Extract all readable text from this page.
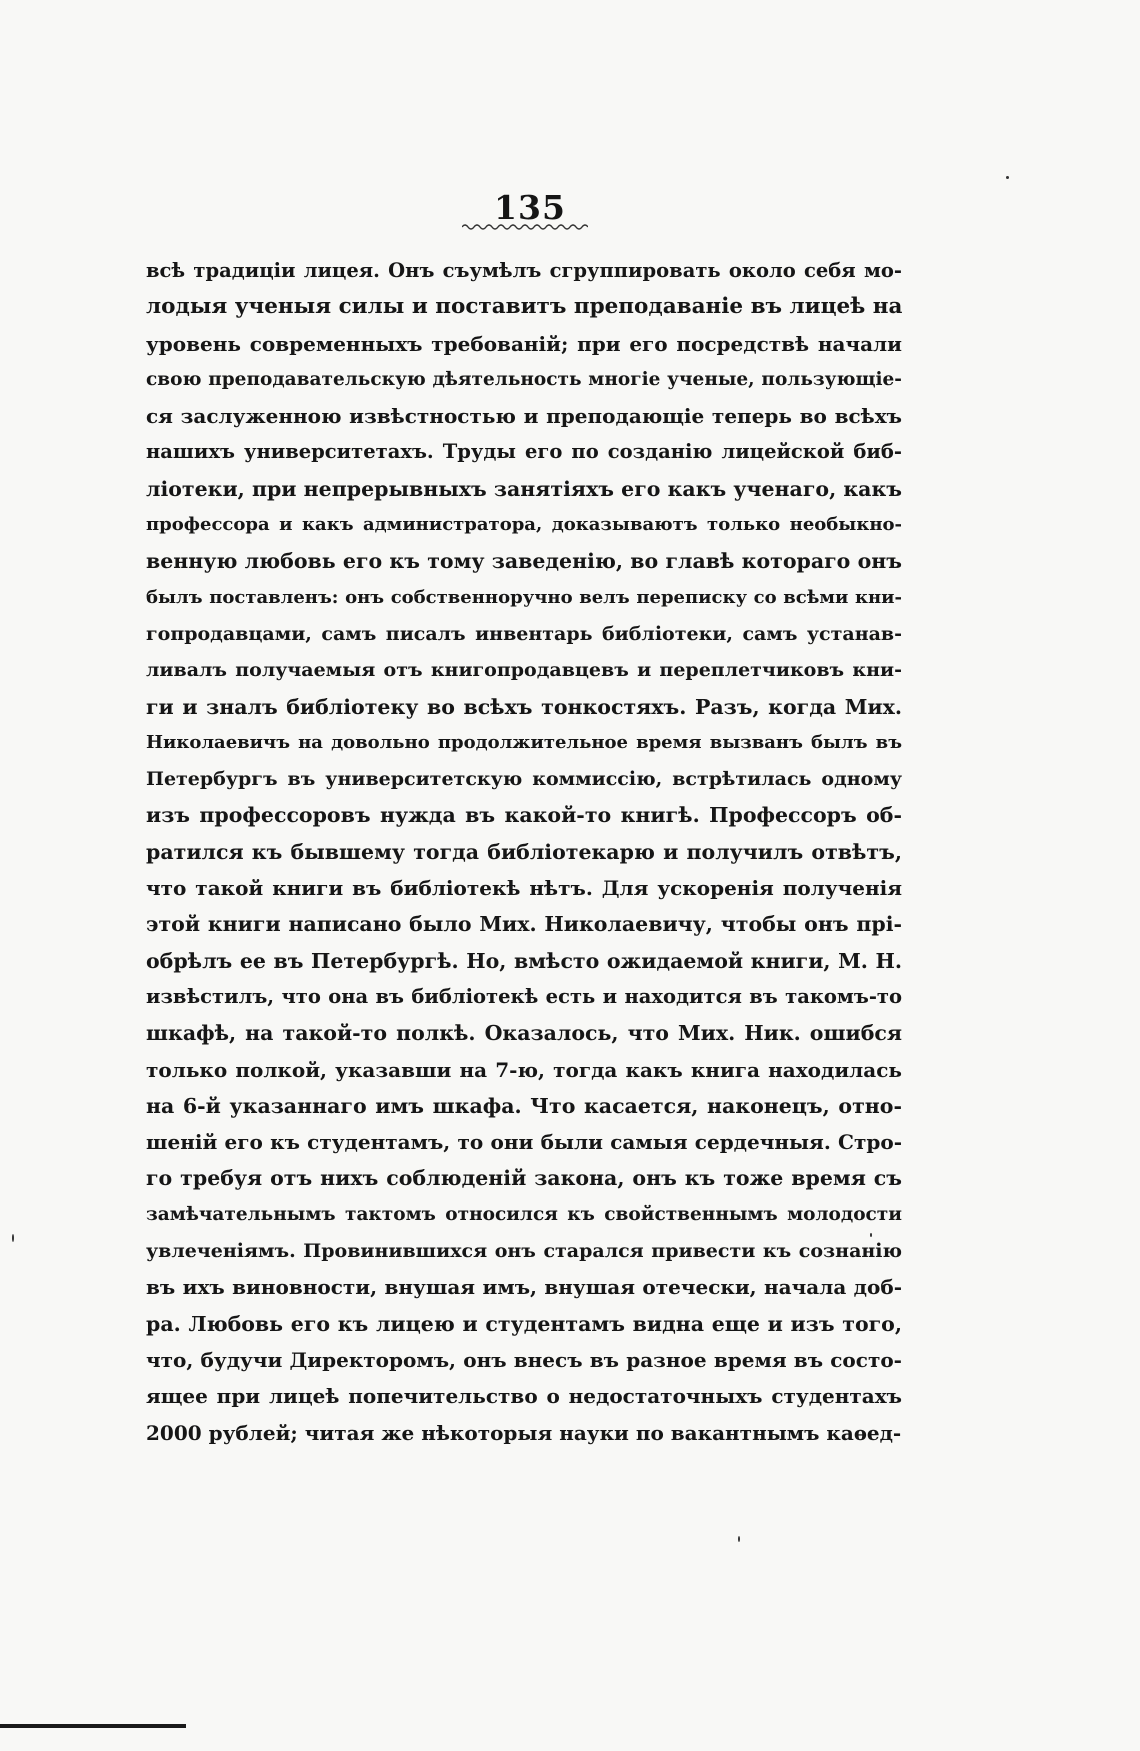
135
всѣ традиціи лицея. Онъ съумѣлъ сгруппировать около себя мо-
лодыя ученыя силы и поставитъ преподаваніе въ лицеѣ на
уровень современныхъ требованій; при его посредствѣ начали
свою преподавательскую дѣятельность многіе ученые, пользующіе-
ся заслуженною извѣстностью и преподающіе теперь во всѣхъ
нашихъ университетахъ. Труды его по созданію лицейской биб-
ліотеки, при непрерывныхъ занятіяхъ его какъ ученаго, какъ
профессора и какъ администратора, доказываютъ только необыкно-
венную любовь его къ тому заведенію, во главѣ котораго онъ
былъ поставленъ: онъ собственноручно велъ переписку со всѣми кни-
гопродавцами, самъ писалъ инвентарь библіотеки, самъ устанав-
ливалъ получаемыя отъ книгопродавцевъ и переплетчиковъ кни-
ги и зналъ библіотеку во всѣхъ тонкостяхъ. Разъ, когда Мих.
Николаевичъ на довольно продолжительное время вызванъ былъ въ
Петербургъ въ университетскую коммиссію, встрѣтилась одному
изъ профессоровъ нужда въ какой-то книгѣ. Профессоръ об-
ратился къ бывшему тогда библіотекарю и получилъ отвѣтъ,
что такой книги въ библіотекѣ нѣтъ. Для ускоренія полученія
этой книги написано было Мих. Николаевичу, чтобы онъ прі-
обрѣлъ ее въ Петербургѣ. Но, вмѣсто ожидаемой книги, М. Н.
извѣстилъ, что она въ библіотекѣ есть и находится въ такомъ-то
шкафѣ, на такой-то полкѣ. Оказалось, что Мих. Ник. ошибся
только полкой, указавши на 7-ю, тогда какъ книга находилась
на 6-й указаннаго имъ шкафа. Что касается, наконецъ, отно-
шеній его къ студентамъ, то они были самыя сердечныя. Стро-
го требуя отъ нихъ соблюденій закона, онъ къ тоже время съ
замѣчательнымъ тактомъ относился къ свойственнымъ молодости
увлеченіямъ. Провинившихся онъ старался привести къ сознанію
въ ихъ виновности, внушая имъ, внушая отечески, начала доб-
ра. Любовь его къ лицею и студентамъ видна еще и изъ того,
что, будучи Директоромъ, онъ внесъ въ разное время въ состо-
ящее при лицеѣ попечительство о недостаточныхъ студентахъ
2000 рублей; читая же нѣкоторыя науки по вакантнымъ каѳед-
